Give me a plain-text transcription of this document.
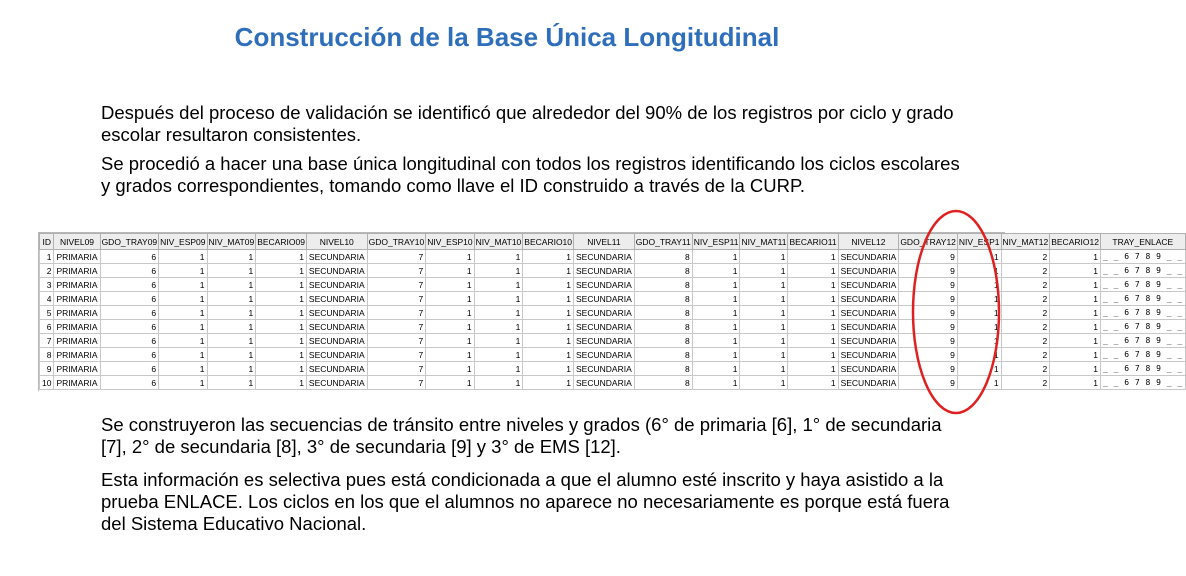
Construcción de la Base Única Longitudinal

Después del proceso de validación se identificó que alrededor del 90% de los registros por ciclo y grado escolar resultaron consistentes.

Se procedió a hacer una base única longitudinal con todos los registros identificando los ciclos escolares y grados correspondientes, tomando como llave el ID construido a través de la CURP.

ID	NIVEL09	GDO_TRAY09	NIV_ESP09	NIV_MAT09	BECARIO09	NIVEL10	GDO_TRAY10	NIV_ESP10	NIV_MAT10	BECARIO10	NIVEL11	GDO_TRAY11	NIV_ESP11	NIV_MAT11	BECARIO11	NIVEL12	GDO_TRAY12	NIV_ESP1	NIV_MAT12	BECARIO12	TRAY_ENLACE
1	PRIMARIA	6	1	1	1	SECUNDARIA	7	1	1	1	SECUNDARIA	8	1	1	1	SECUNDARIA	9	1	2	1	_ _ 6 7 8 9 _ _
2	PRIMARIA	6	1	1	1	SECUNDARIA	7	1	1	1	SECUNDARIA	8	1	1	1	SECUNDARIA	9	1	2	1	_ _ 6 7 8 9 _ _
3	PRIMARIA	6	1	1	1	SECUNDARIA	7	1	1	1	SECUNDARIA	8	1	1	1	SECUNDARIA	9	1	2	1	_ _ 6 7 8 9 _ _
4	PRIMARIA	6	1	1	1	SECUNDARIA	7	1	1	1	SECUNDARIA	8	1	1	1	SECUNDARIA	9	1	2	1	_ _ 6 7 8 9 _ _
5	PRIMARIA	6	1	1	1	SECUNDARIA	7	1	1	1	SECUNDARIA	8	1	1	1	SECUNDARIA	9	1	2	1	_ _ 6 7 8 9 _ _
6	PRIMARIA	6	1	1	1	SECUNDARIA	7	1	1	1	SECUNDARIA	8	1	1	1	SECUNDARIA	9	1	2	1	_ _ 6 7 8 9 _ _
7	PRIMARIA	6	1	1	1	SECUNDARIA	7	1	1	1	SECUNDARIA	8	1	1	1	SECUNDARIA	9	1	2	1	_ _ 6 7 8 9 _ _
8	PRIMARIA	6	1	1	1	SECUNDARIA	7	1	1	1	SECUNDARIA	8	1	1	1	SECUNDARIA	9	1	2	1	_ _ 6 7 8 9 _ _
9	PRIMARIA	6	1	1	1	SECUNDARIA	7	1	1	1	SECUNDARIA	8	1	1	1	SECUNDARIA	9	1	2	1	_ _ 6 7 8 9 _ _
10	PRIMARIA	6	1	1	1	SECUNDARIA	7	1	1	1	SECUNDARIA	8	1	1	1	SECUNDARIA	9	1	2	1	_ _ 6 7 8 9 _ _

Se construyeron las secuencias de tránsito entre niveles y grados (6° de primaria [6], 1° de secundaria [7], 2° de secundaria [8], 3° de secundaria [9] y 3° de EMS [12].

Esta información es selectiva pues está condicionada a que el alumno esté inscrito y haya asistido a la prueba ENLACE. Los ciclos en los que el alumnos no aparece no necesariamente es porque está fuera del Sistema Educativo Nacional.
